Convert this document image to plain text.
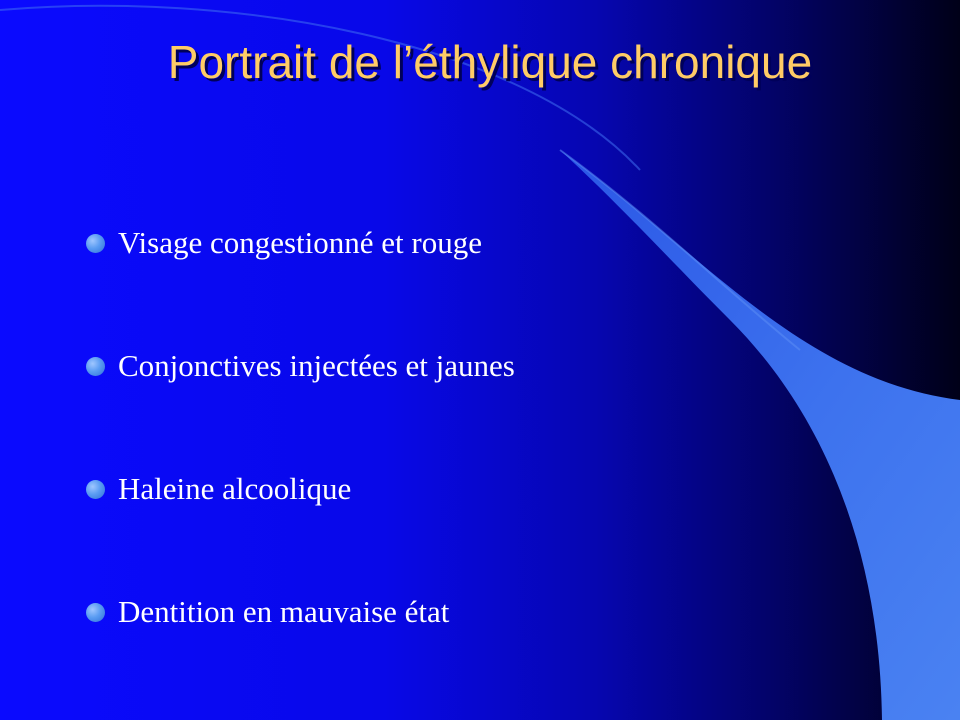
Portrait de l’éthylique chronique
Visage congestionné et rouge
Conjonctives injectées et jaunes
Haleine alcoolique
Dentition en mauvaise état
